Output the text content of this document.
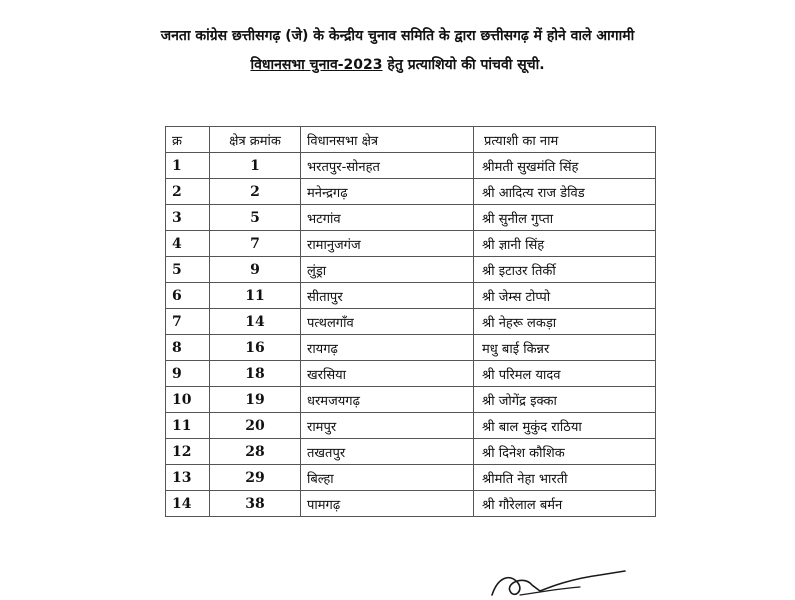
जनता कांग्रेस छत्तीसगढ़ (जे) के केन्द्रीय चुनाव समिति के द्वारा छत्तीसगढ़ में होने वाले आगामी
विधानसभा चुनाव-2023 हेतु प्रत्याशियो की पांचवी सूची.
क्र	क्षेत्र क्रमांक	विधानसभा क्षेत्र	प्रत्याशी का नाम
1	1	भरतपुर-सोनहत	श्रीमती सुखमंति सिंह
2	2	मनेन्द्रगढ़	श्री आदित्य राज डेविड
3	5	भटगांव	श्री सुनील गुप्ता
4	7	रामानुजगंज	श्री ज्ञानी सिंह
5	9	लुंड्रा	श्री इटाउर तिर्की
6	11	सीतापुर	श्री जेम्स टोप्पो
7	14	पत्थलगाँव	श्री नेहरू लकड़ा
8	16	रायगढ़	मधु बाई किन्नर
9	18	खरसिया	श्री परिमल यादव
10	19	धरमजयगढ़	श्री जोगेंद्र इक्का
11	20	रामपुर	श्री बाल मुकुंद राठिया
12	28	तखतपुर	श्री दिनेश कौशिक
13	29	बिल्हा	श्रीमति नेहा भारती
14	38	पामगढ़	श्री गौरेलाल बर्मन
